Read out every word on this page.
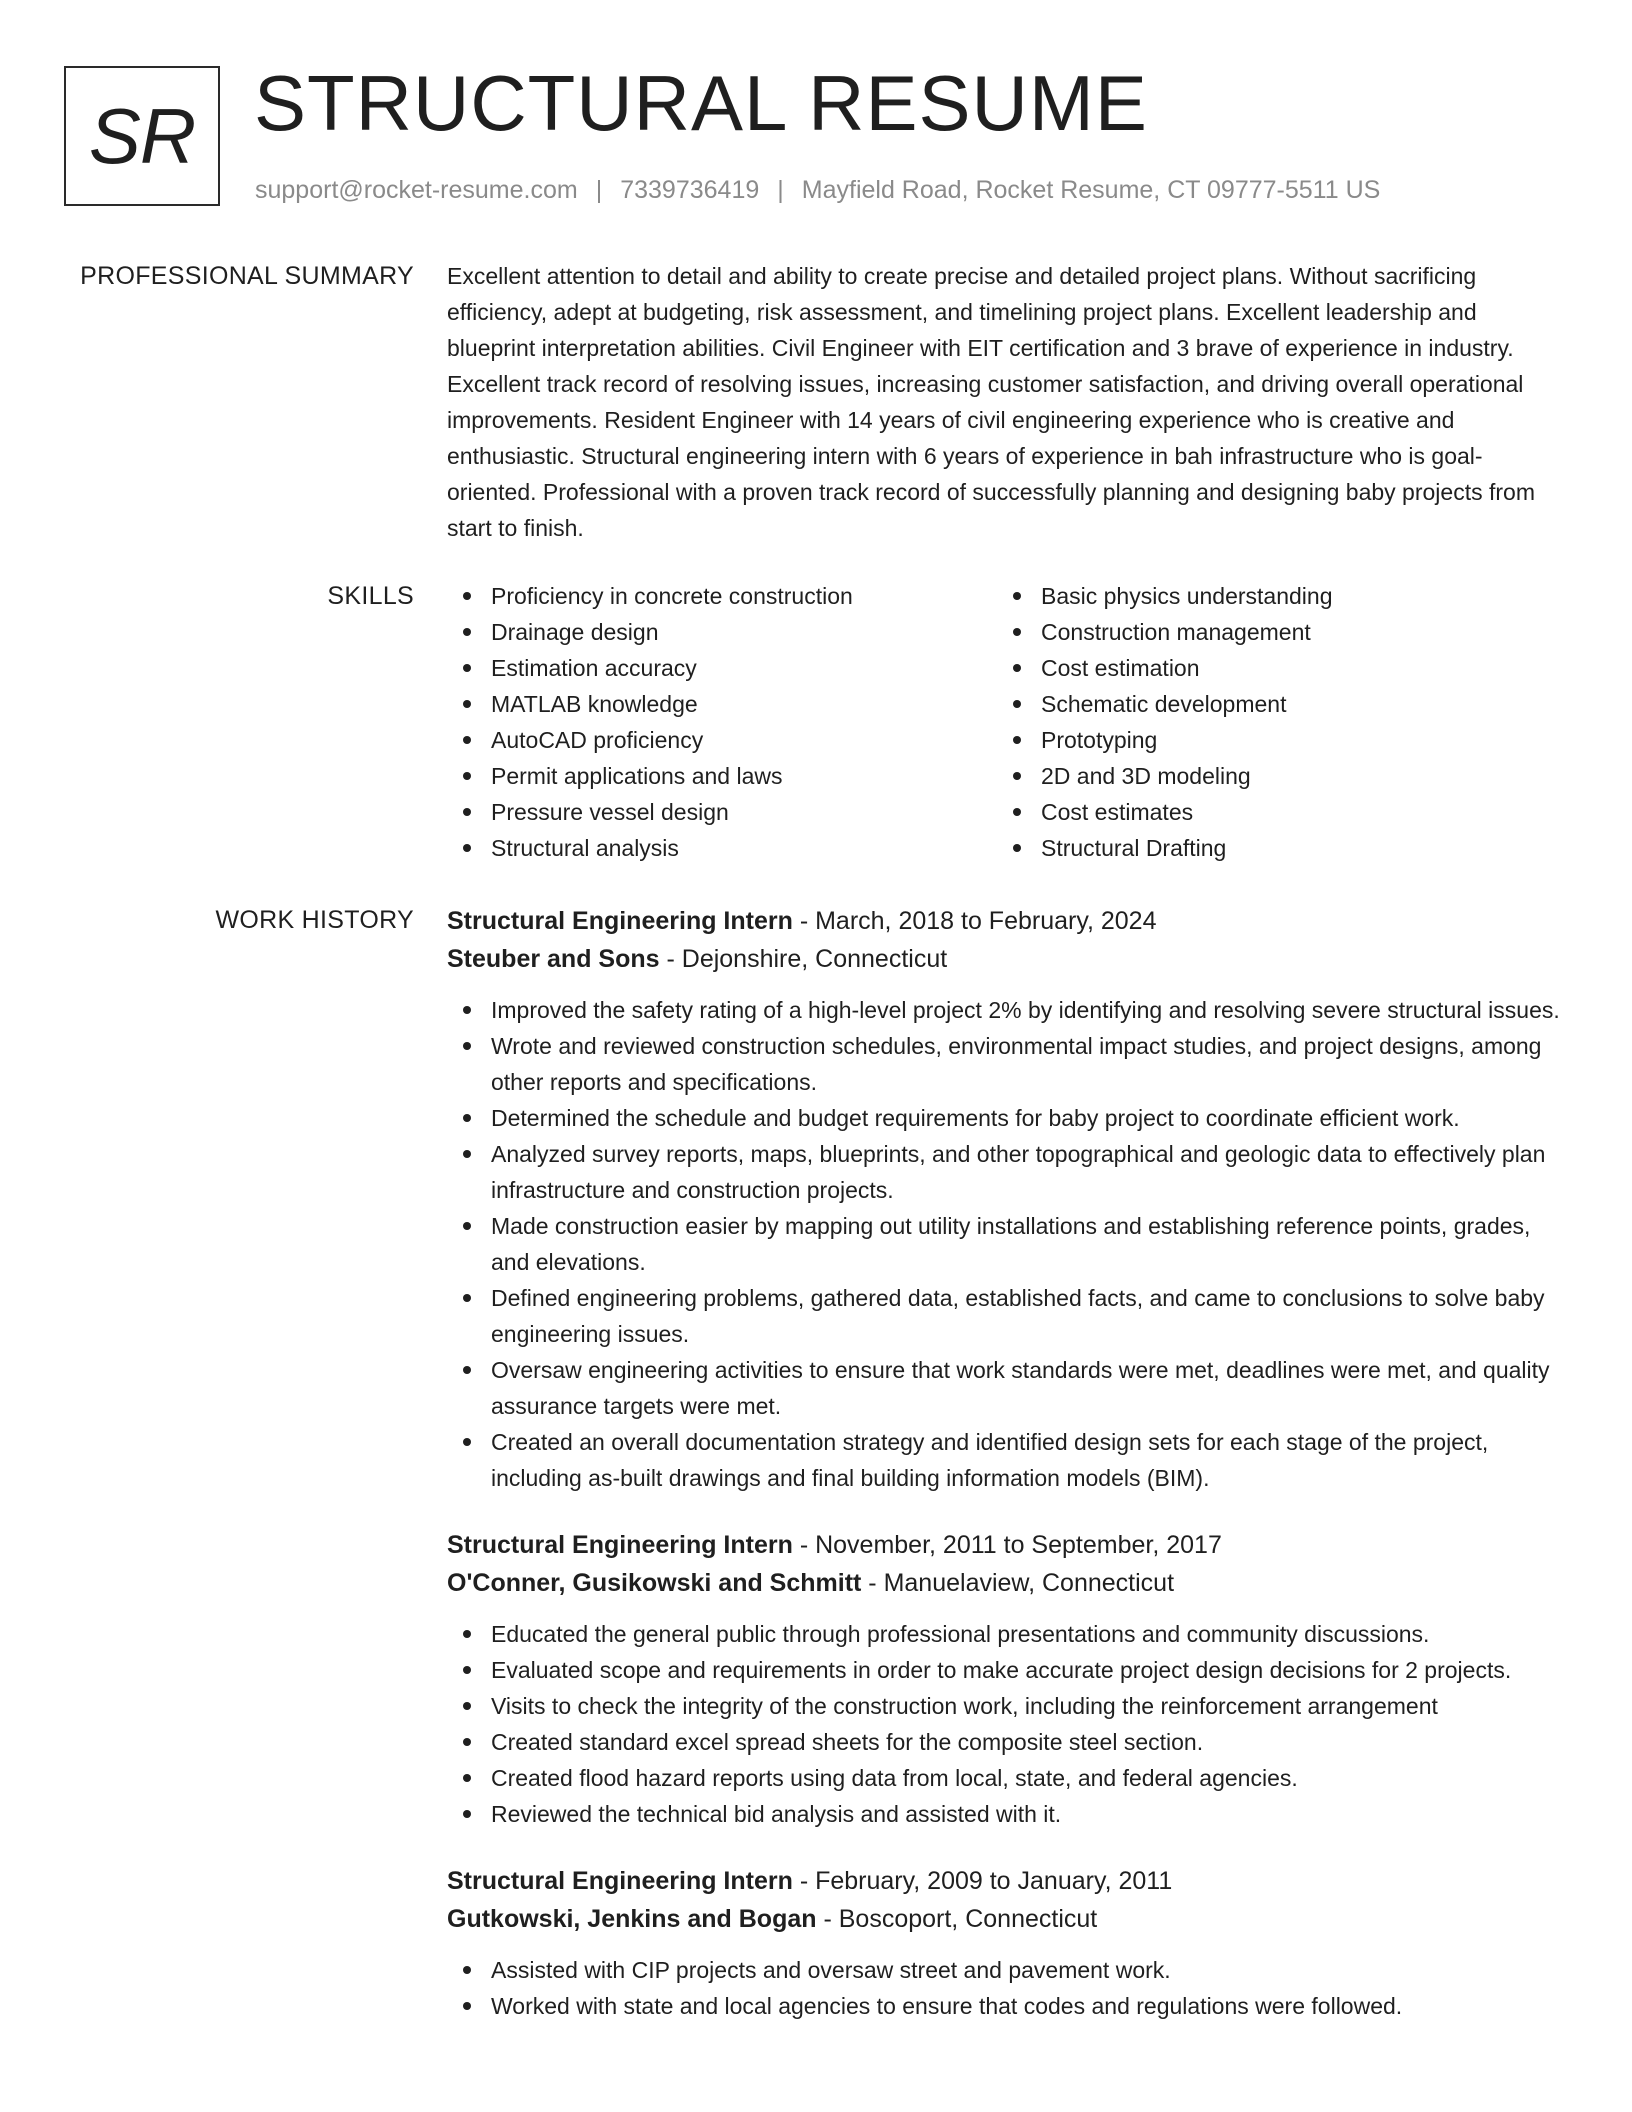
SR STRUCTURAL RESUME
support@rocket-resume.com | 7339736419 | Mayfield Road, Rocket Resume, CT 09777-5511 US
PROFESSIONAL SUMMARY Excellent attention to detail and ability to create precise and detailed project plans. Without sacrificing efficiency, adept at budgeting, risk assessment, and timelining project plans. Excellent leadership and blueprint interpretation abilities. Civil Engineer with EIT certification and 3 brave of experience in industry. Excellent track record of resolving issues, increasing customer satisfaction, and driving overall operational improvements. Resident Engineer with 14 years of civil engineering experience who is creative and enthusiastic. Structural engineering intern with 6 years of experience in bah infrastructure who is goal-oriented. Professional with a proven track record of successfully planning and designing baby projects from start to finish.

SKILLS	Proficiency in concrete construction
Drainage design
Estimation accuracy
MATLAB knowledge
AutoCAD proficiency
Permit applications and laws
Pressure vessel design
Structural analysis
Basic physics understanding
Construction management
Cost estimation
Schematic development
Prototyping
2D and 3D modeling
Cost estimates
Structural Drafting
WORK HISTORY Structural Engineering Intern - March, 2018 to February, 2024
Steuber and Sons - Dejonshire, Connecticut
Improved the safety rating of a high-level project 2% by identifying and resolving severe structural issues.
Wrote and reviewed construction schedules, environmental impact studies, and project designs, among other reports and specifications.
Determined the schedule and budget requirements for baby project to coordinate efficient work.
Analyzed survey reports, maps, blueprints, and other topographical and geologic data to effectively plan infrastructure and construction projects.
Made construction easier by mapping out utility installations and establishing reference points, grades, and elevations.
Defined engineering problems, gathered data, established facts, and came to conclusions to solve baby engineering issues.
Oversaw engineering activities to ensure that work standards were met, deadlines were met, and quality assurance targets were met.
Created an overall documentation strategy and identified design sets for each stage of the project, including as-built drawings and final building information models (BIM).
Structural Engineering Intern - November, 2011 to September, 2017
O'Conner, Gusikowski and Schmitt - Manuelaview, Connecticut
Educated the general public through professional presentations and community discussions.
Evaluated scope and requirements in order to make accurate project design decisions for 2 projects.
Visits to check the integrity of the construction work, including the reinforcement arrangement
Created standard excel spread sheets for the composite steel section.
Created flood hazard reports using data from local, state, and federal agencies.
Reviewed the technical bid analysis and assisted with it.
Structural Engineering Intern - February, 2009 to January, 2011
Gutkowski, Jenkins and Bogan - Boscoport, Connecticut
Assisted with CIP projects and oversaw street and pavement work.
Worked with state and local agencies to ensure that codes and regulations were followed.
